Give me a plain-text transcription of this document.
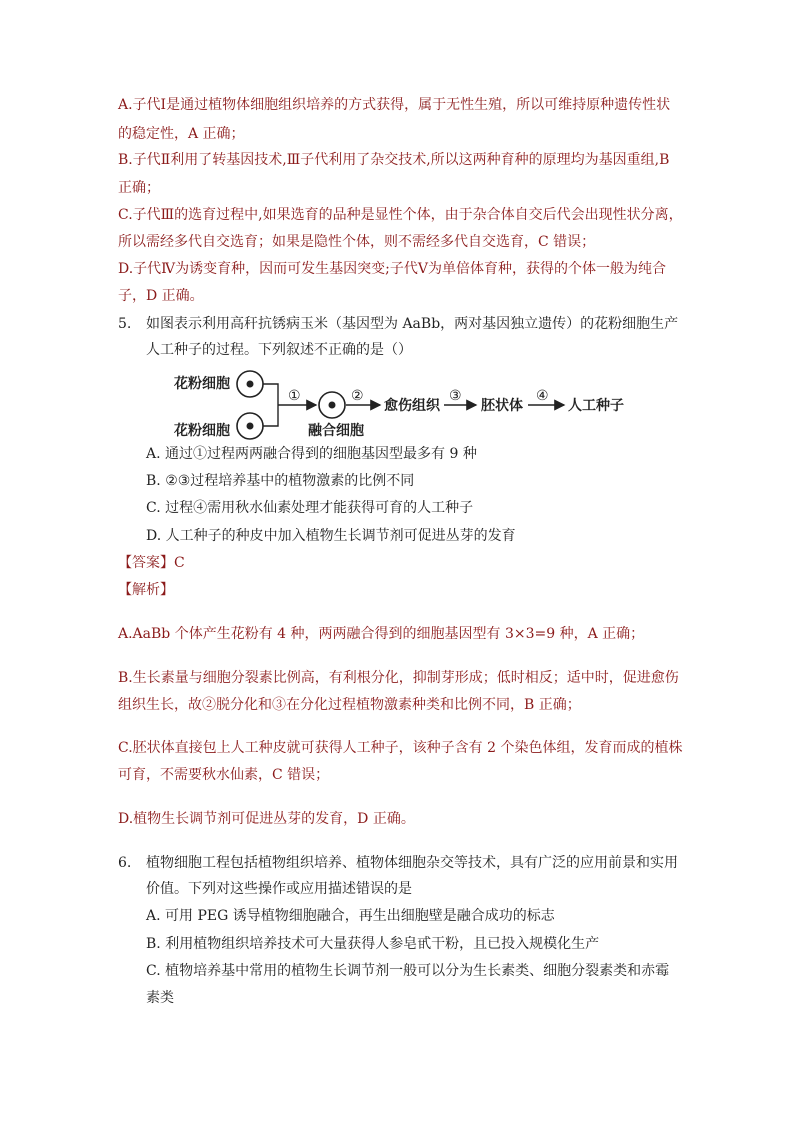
A.子代Ⅰ是通过植物体细胞组织培养的方式获得，属于无性生殖，所以可维持原种遗传性状
的稳定性，A 正确；
B.子代Ⅱ利用了转基因技术,Ⅲ子代利用了杂交技术,所以这两种育种的原理均为基因重组,B
正确；
C.子代Ⅲ的选育过程中,如果选育的品种是显性个体，由于杂合体自交后代会出现性状分离，
所以需经多代自交选育；如果是隐性个体，则不需经多代自交选育，C 错误；
D.子代Ⅳ为诱变育种，因而可发生基因突变;子代Ⅴ为单倍体育种，获得的个体一般为纯合
子，D 正确。
5. 如图表示利用高秆抗锈病玉米（基因型为 AaBb，两对基因独立遗传）的花粉细胞生产
人工种子的过程。下列叙述不正确的是（）
花粉细胞
花粉细胞
①
融合细胞
②
愈伤组织
③
胚状体
④
人工种子
A. 通过①过程两两融合得到的细胞基因型最多有 9 种
B. ②③过程培养基中的植物激素的比例不同
C. 过程④需用秋水仙素处理才能获得可育的人工种子
D. 人工种子的种皮中加入植物生长调节剂可促进丛芽的发育
【答案】C
【解析】
A.AaBb 个体产生花粉有 4 种，两两融合得到的细胞基因型有 3×3=9 种，A 正确；
B.生长素量与细胞分裂素比例高，有利根分化，抑制芽形成；低时相反；适中时，促进愈伤
组织生长，故②脱分化和③在分化过程植物激素种类和比例不同，B 正确；
C.胚状体直接包上人工种皮就可获得人工种子，该种子含有 2 个染色体组，发育而成的植株
可育，不需要秋水仙素，C 错误；
D.植物生长调节剂可促进丛芽的发育，D 正确。
6. 植物细胞工程包括植物组织培养、植物体细胞杂交等技术，具有广泛的应用前景和实用
价值。下列对这些操作或应用描述错误的是
A. 可用 PEG 诱导植物细胞融合，再生出细胞壁是融合成功的标志
B. 利用植物组织培养技术可大量获得人参皂甙干粉，且已投入规模化生产
C. 植物培养基中常用的植物生长调节剂一般可以分为生长素类、细胞分裂素类和赤霉
素类
